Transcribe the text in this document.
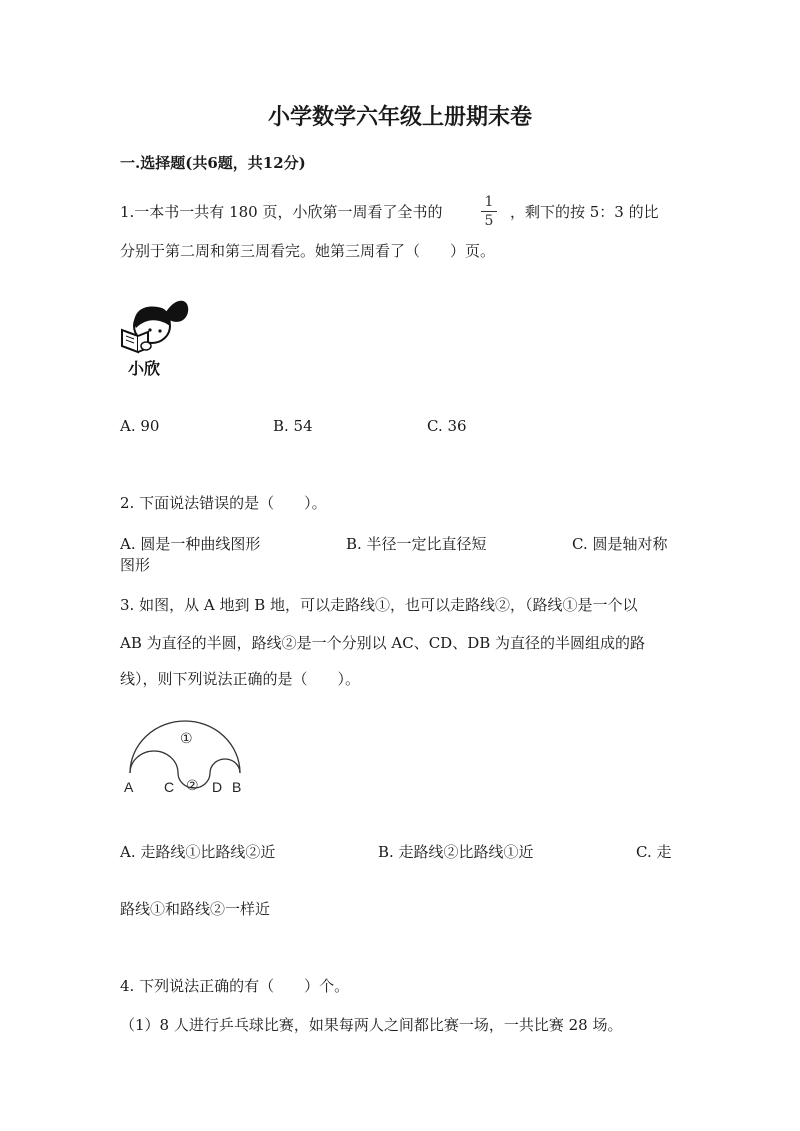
小学数学六年级上册期末卷
一.选择题(共6题，共12分)
1.一本书一共有 180 页，小欣第一周看了全书的
1
5 ，剩下的按 5：3 的比
分别于第二周和第三周看完。她第三周看了（　　）页。
小欣
A. 90	B. 54	C. 36
2. 下面说法错误的是（　　）。
A. 圆是一种曲线图形	B. 半径一定比直径短	C. 圆是轴对称
图形
3. 如图，从 A 地到 B 地，可以走路线①，也可以走路线②，（路线①是一个以
AB 为直径的半圆，路线②是一个分别以 AC、CD、DB 为直径的半圆组成的路
线），则下列说法正确的是（　　）。
①
②
A C	D B
A. 走路线①比路线②近	B. 走路线②比路线①近	C. 走
路线①和路线②一样近
4. 下列说法正确的有（　　）个。
（1）8 人进行乒乓球比赛，如果每两人之间都比赛一场，一共比赛 28 场。
